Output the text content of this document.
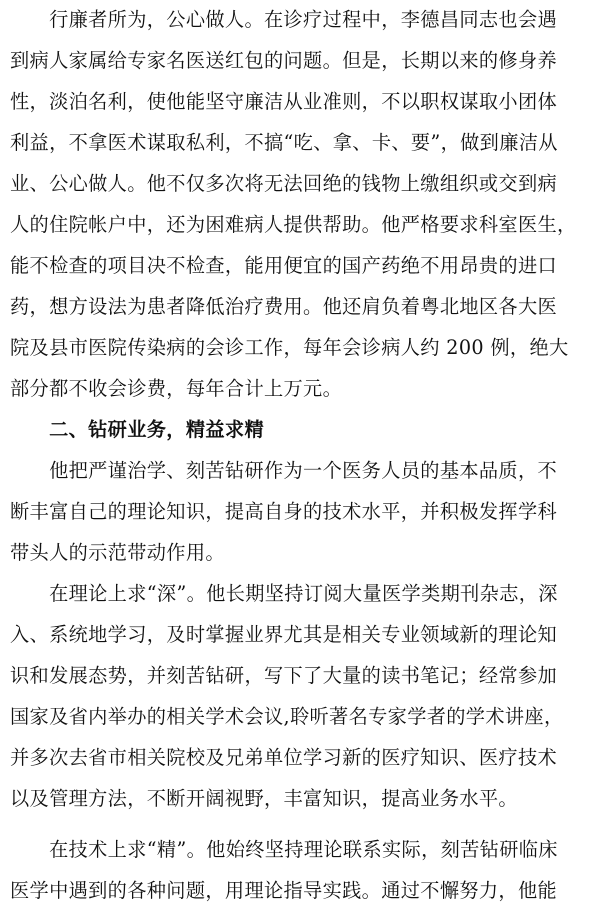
　　行廉者所为，公心做人。在诊疗过程中，李德昌同志也会遇
到病人家属给专家名医送红包的问题。但是，长期以来的修身养
性，淡泊名利，使他能坚守廉洁从业准则，不以职权谋取小团体
利益，不拿医术谋取私利，不搞“吃、拿、卡、要”，做到廉洁从
业、公心做人。他不仅多次将无法回绝的钱物上缴组织或交到病
人的住院帐户中，还为困难病人提供帮助。他严格要求科室医生，
能不检查的项目决不检查，能用便宜的国产药绝不用昂贵的进口
药，想方设法为患者降低治疗费用。他还肩负着粤北地区各大医
院及县市医院传染病的会诊工作，每年会诊病人约 200 例，绝大
部分都不收会诊费，每年合计上万元。
　　二、钻研业务，精益求精
　　他把严谨治学、刻苦钻研作为一个医务人员的基本品质，不
断丰富自己的理论知识，提高自身的技术水平，并积极发挥学科
带头人的示范带动作用。
　　在理论上求“深”。他长期坚持订阅大量医学类期刊杂志，深
入、系统地学习，及时掌握业界尤其是相关专业领域新的理论知
识和发展态势，并刻苦钻研，写下了大量的读书笔记；经常参加
国家及省内举办的相关学术会议,聆听著名专家学者的学术讲座，
并多次去省市相关院校及兄弟单位学习新的医疗知识、医疗技术
以及管理方法，不断开阔视野，丰富知识，提高业务水平。
　　在技术上求“精”。他始终坚持理论联系实际，刻苦钻研临床
医学中遇到的各种问题，用理论指导实践。通过不懈努力，他能
